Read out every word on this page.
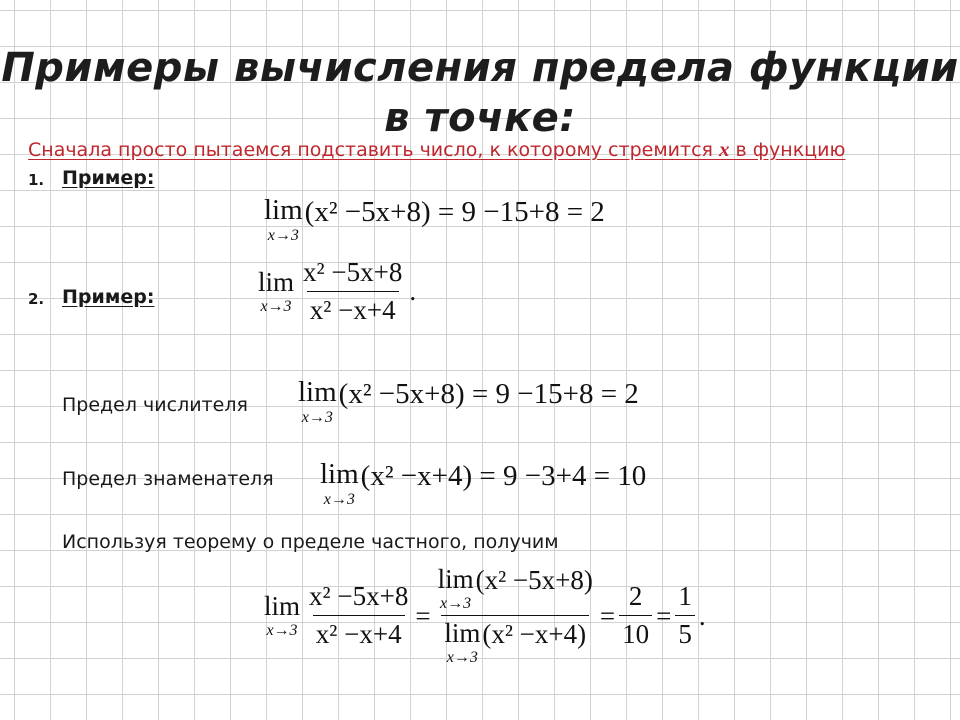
Примеры вычисления предела функции
в точке:
Сначала просто пытаемся подставить число, к которому стремится x в функцию
1. Пример:
lim
x→3
(x² −5x+8) = 9 −15+8 = 2
2. Пример:
lim
$x\to 3 \frac{\text{x² −5x+8}}{\text{x² −x+4}}$ .
Предел числителя lim
x→3
(x² −5x+8) = 9 −15+8 = 2
Предел знаменателя lim
x→3
(x² −x+4) = 9 −3+4 = 10
Используя теорему о пределе частного, получим
lim
$x\to 3 \frac{\text{x² −5x+8}}{\text{x² −x+4}} = \lim$
x→3
(x² −5x+8)
lim
x→3
$(x^2 -x+4) = \frac{2}{10} = \frac{1}{5}$ .
